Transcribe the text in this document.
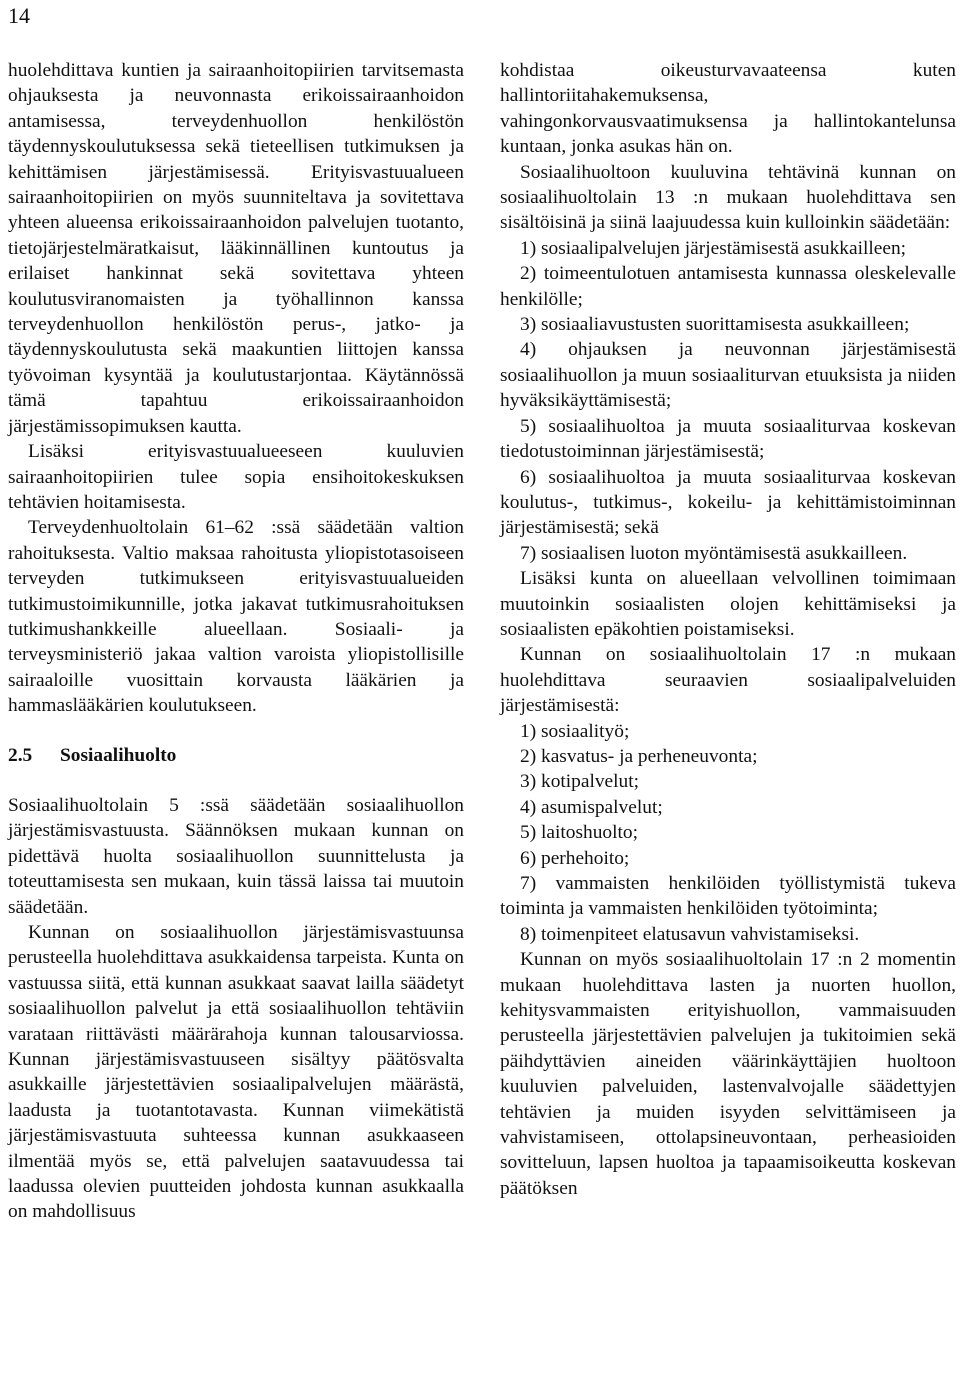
14

huolehdittava kuntien ja sairaanhoitopiirien tarvitsemasta ohjauksesta ja neuvonnasta erikoissairaanhoidon antamisessa, terveydenhuollon henkilöstön täydennyskoulutuksessa sekä tieteellisen tutkimuksen ja kehittämisen järjestämisessä. Erityisvastuualueen sairaanhoitopiirien on myös suunniteltava ja sovitettava yhteen alueensa erikoissairaanhoidon palvelujen tuotanto, tietojärjestelmäratkaisut, lääkinnällinen kuntoutus ja erilaiset hankinnat sekä sovitettava yhteen koulutusviranomaisten ja työhallinnon kanssa terveydenhuollon henkilöstön perus-, jatko- ja täydennyskoulutusta sekä maakuntien liittojen kanssa työvoiman kysyntää ja koulutustarjontaa. Käytännössä tämä tapahtuu erikoissairaanhoidon järjestämissopimuksen kautta.

Lisäksi erityisvastuualueeseen kuuluvien sairaanhoitopiirien tulee sopia ensihoitokeskuksen tehtävien hoitamisesta.

Terveydenhuoltolain 61–62 :ssä säädetään valtion rahoituksesta. Valtio maksaa rahoitusta yliopistotasoiseen terveyden tutkimukseen erityisvastuualueiden tutkimustoimikunnille, jotka jakavat tutkimusrahoituksen tutkimushankkeille alueellaan. Sosiaali- ja terveysministeriö jakaa valtion varoista yliopistollisille sairaaloille vuosittain korvausta lääkärien ja hammaslääkärien koulutukseen.

2.5 Sosiaalihuolto

Sosiaalihuoltolain 5 :ssä säädetään sosiaalihuollon järjestämisvastuusta. Säännöksen mukaan kunnan on pidettävä huolta sosiaalihuollon suunnittelusta ja toteuttamisesta sen mukaan, kuin tässä laissa tai muutoin säädetään.

Kunnan on sosiaalihuollon järjestämisvastuunsa perusteella huolehdittava asukkaidensa tarpeista. Kunta on vastuussa siitä, että kunnan asukkaat saavat lailla säädetyt sosiaalihuollon palvelut ja että sosiaalihuollon tehtäviin varataan riittävästi määrärahoja kunnan talousarviossa. Kunnan järjestämisvastuuseen sisältyy päätösvalta asukkaille järjestettävien sosiaalipalvelujen määrästä, laadusta ja tuotantotavasta. Kunnan viimekätistä järjestämisvastuuta suhteessa kunnan asukkaaseen ilmentää myös se, että palvelujen saatavuudessa tai laadussa olevien puutteiden johdosta kunnan asukkaalla on mahdollisuus

kohdistaa oikeusturvavaateensa kuten hallintoriitahakemuksensa, vahingonkorvausvaatimuksensa ja hallintokantelunsa kuntaan, jonka asukas hän on.

Sosiaalihuoltoon kuuluvina tehtävinä kunnan on sosiaalihuoltolain 13 :n mukaan huolehdittava sen sisältöisinä ja siinä laajuudessa kuin kulloinkin säädetään:

1) sosiaalipalvelujen järjestämisestä asukkailleen;

2) toimeentulotuen antamisesta kunnassa oleskelevalle henkilölle;

3) sosiaaliavustusten suorittamisesta asukkailleen;

4) ohjauksen ja neuvonnan järjestämisestä sosiaalihuollon ja muun sosiaaliturvan etuuksista ja niiden hyväksikäyttämisestä;

5) sosiaalihuoltoa ja muuta sosiaaliturvaa koskevan tiedotustoiminnan järjestämisestä;

6) sosiaalihuoltoa ja muuta sosiaaliturvaa koskevan koulutus-, tutkimus-, kokeilu- ja kehittämistoiminnan järjestämisestä; sekä

7) sosiaalisen luoton myöntämisestä asukkailleen.

Lisäksi kunta on alueellaan velvollinen toimimaan muutoinkin sosiaalisten olojen kehittämiseksi ja sosiaalisten epäkohtien poistamiseksi.

Kunnan on sosiaalihuoltolain 17 :n mukaan huolehdittava seuraavien sosiaalipalveluiden järjestämisestä:

1) sosiaalityö;

2) kasvatus- ja perheneuvonta;

3) kotipalvelut;

4) asumispalvelut;

5) laitoshuolto;

6) perhehoito;

7) vammaisten henkilöiden työllistymistä tukeva toiminta ja vammaisten henkilöiden työtoiminta;

8) toimenpiteet elatusavun vahvistamiseksi.

Kunnan on myös sosiaalihuoltolain 17 :n 2 momentin mukaan huolehdittava lasten ja nuorten huollon, kehitysvammaisten erityishuollon, vammaisuuden perusteella järjestettävien palvelujen ja tukitoimien sekä päihdyttävien aineiden väärinkäyttäjien huoltoon kuuluvien palveluiden, lastenvalvojalle säädettyjen tehtävien ja muiden isyyden selvittämiseen ja vahvistamiseen, ottolapsineuvontaan, perheasioiden sovitteluun, lapsen huoltoa ja tapaamisoikeutta koskevan päätöksen
